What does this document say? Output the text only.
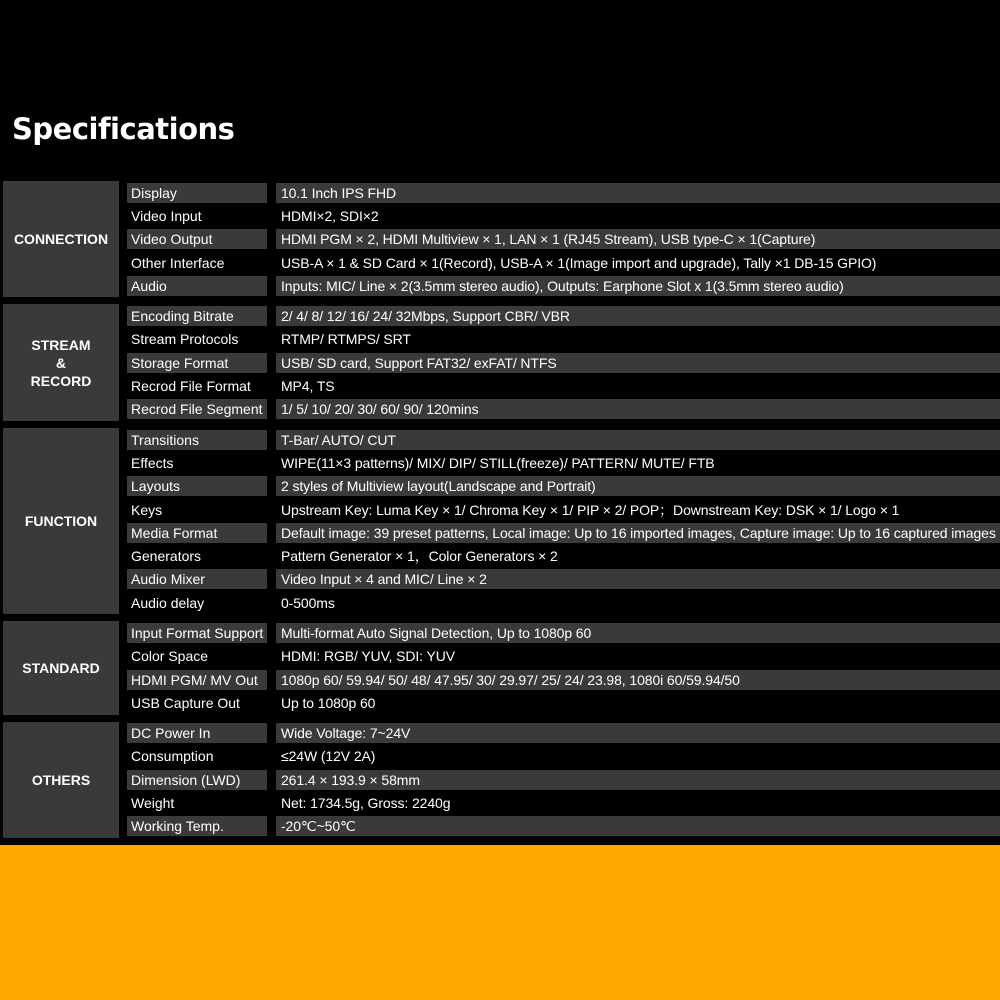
Specifications
CONNECTION
Display	10.1 Inch IPS FHD
Video Input	HDMI×2, SDI×2
Video Output	HDMI PGM × 2, HDMI Multiview × 1, LAN × 1 (RJ45 Stream), USB type-C × 1(Capture)
Other Interface	USB-A × 1 & SD Card × 1(Record), USB-A × 1(Image import and upgrade), Tally ×1 DB-15 GPIO)
Audio	Inputs: MIC/ Line × 2(3.5mm stereo audio), Outputs: Earphone Slot x 1(3.5mm stereo audio)
STREAM
&
RECORD
Encoding Bitrate	2/ 4/ 8/ 12/ 16/ 24/ 32Mbps, Support CBR/ VBR
Stream Protocols	RTMP/ RTMPS/ SRT
Storage Format	USB/ SD card, Support FAT32/ exFAT/ NTFS
Recrod File Format	MP4, TS
Recrod File Segment	1/ 5/ 10/ 20/ 30/ 60/ 90/ 120mins
FUNCTION
Transitions	T-Bar/ AUTO/ CUT
Effects	WIPE(11×3 patterns)/ MIX/ DIP/ STILL(freeze)/ PATTERN/ MUTE/ FTB
Layouts	2 styles of Multiview layout(Landscape and Portrait)
Keys	Upstream Key: Luma Key × 1/ Chroma Key × 1/ PIP × 2/ POP；Downstream Key: DSK × 1/ Logo × 1
Media Format	Default image: 39 preset patterns, Local image: Up to 16 imported images, Capture image: Up to 16 captured images
Generators	Pattern Generator × 1，Color Generators × 2
Audio Mixer	Video Input × 4 and MIC/ Line × 2
Audio delay	0-500ms
STANDARD
Input Format Support	Multi-format Auto Signal Detection, Up to 1080p 60
Color Space	HDMI: RGB/ YUV, SDI: YUV
HDMI PGM/ MV Out	1080p 60/ 59.94/ 50/ 48/ 47.95/ 30/ 29.97/ 25/ 24/ 23.98, 1080i 60/59.94/50
USB Capture Out	Up to 1080p 60
OTHERS
DC Power In	Wide Voltage: 7~24V
Consumption	≤24W (12V 2A)
Dimension (LWD)	261.4 × 193.9 × 58mm
Weight	Net: 1734.5g, Gross: 2240g
Working Temp.	-20℃~50℃
